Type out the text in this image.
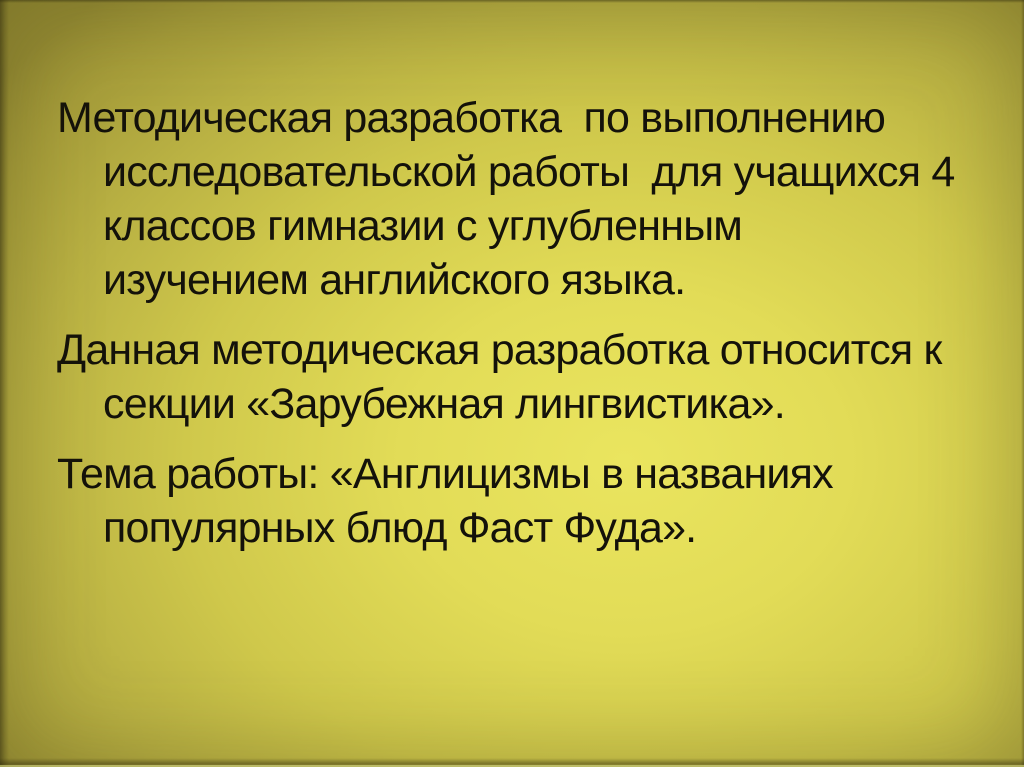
Методическая разработка  по выполнению
исследовательской работы  для учащихся 4
классов гимназии с углубленным
изучением английского языка.
Данная методическая разработка относится к
секции «Зарубежная лингвистика».
Тема работы: «Англицизмы в названиях
популярных блюд Фаст Фуда».
